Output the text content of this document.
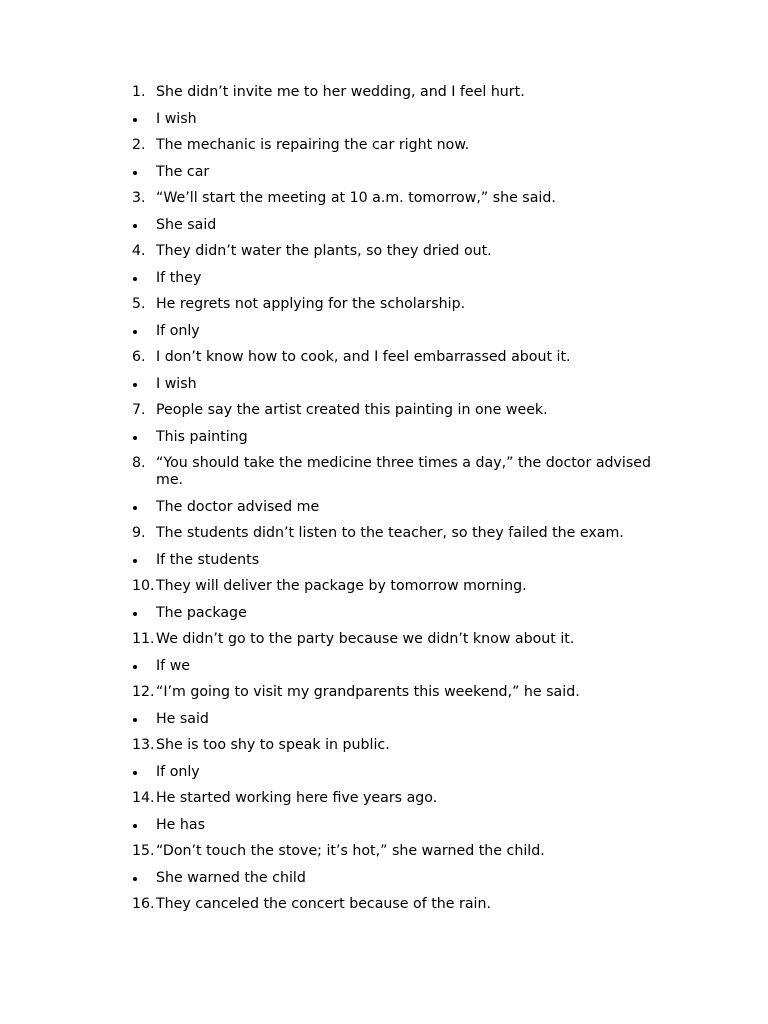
1. She didn’t invite me to her wedding, and I feel hurt.
I wish
2. The mechanic is repairing the car right now.
The car
3. “We’ll start the meeting at 10 a.m. tomorrow,” she said.
She said
4. They didn’t water the plants, so they dried out.
If they
5. He regrets not applying for the scholarship.
If only
6. I don’t know how to cook, and I feel embarrassed about it.
I wish
7. People say the artist created this painting in one week.
This painting
8. “You should take the medicine three times a day,” the doctor advised me.
The doctor advised me
9. The students didn’t listen to the teacher, so they failed the exam.
If the students
10. They will deliver the package by tomorrow morning.
The package
11. We didn’t go to the party because we didn’t know about it.
If we
12. “I’m going to visit my grandparents this weekend,” he said.
He said
13. She is too shy to speak in public.
If only
14. He started working here five years ago.
He has
15. “Don’t touch the stove; it’s hot,” she warned the child.
She warned the child
16. They canceled the concert because of the rain.
